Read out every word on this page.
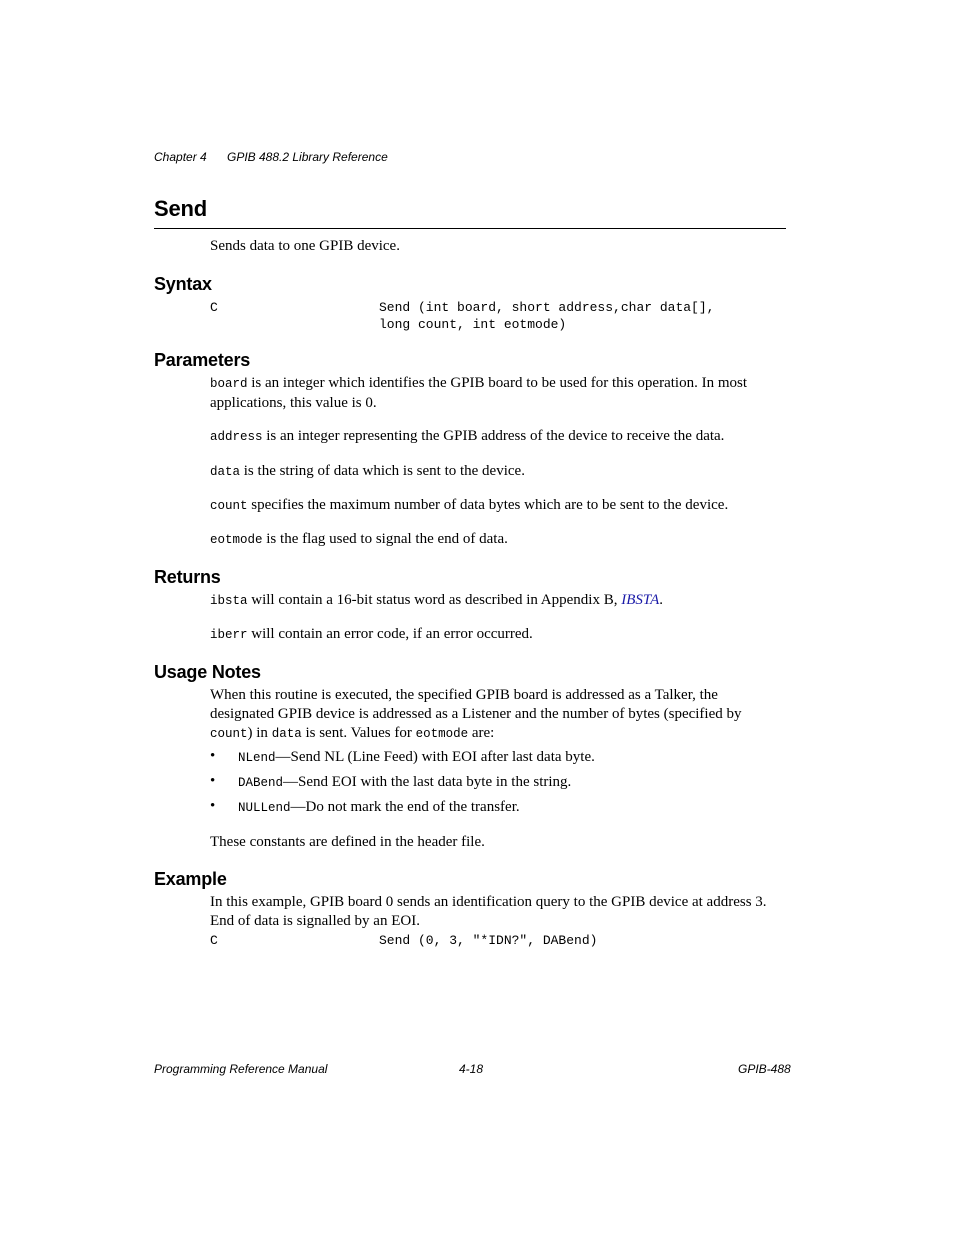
Chapter 4 GPIB 488.2 Library Reference
Send
Sends data to one GPIB device.
Syntax
C	Send (int board, short address,char data[],
long count, int eotmode)
Parameters
board is an integer which identifies the GPIB board to be used for this operation. In most applications, this value is 0.
address is an integer representing the GPIB address of the device to receive the data.
data is the string of data which is sent to the device.
count specifies the maximum number of data bytes which are to be sent to the device.
eotmode is the flag used to signal the end of data.
Returns
ibsta will contain a 16-bit status word as described in Appendix B, IBSTA.
iberr will contain an error code, if an error occurred.
Usage Notes
When this routine is executed, the specified GPIB board is addressed as a Talker, the
designated GPIB device is addressed as a Listener and the number of bytes (specified by
count) in data is sent. Values for eotmode are:
• NLend—Send NL (Line Feed) with EOI after last data byte.
• DABend—Send EOI with the last data byte in the string.
• NULLend—Do not mark the end of the transfer.
These constants are defined in the header file.
Example
In this example, GPIB board 0 sends an identification query to the GPIB device at address 3.
End of data is signalled by an EOI.
C	Send (0, 3, "*IDN?", DABend)
Programming Reference Manual	4-18	GPIB-488
